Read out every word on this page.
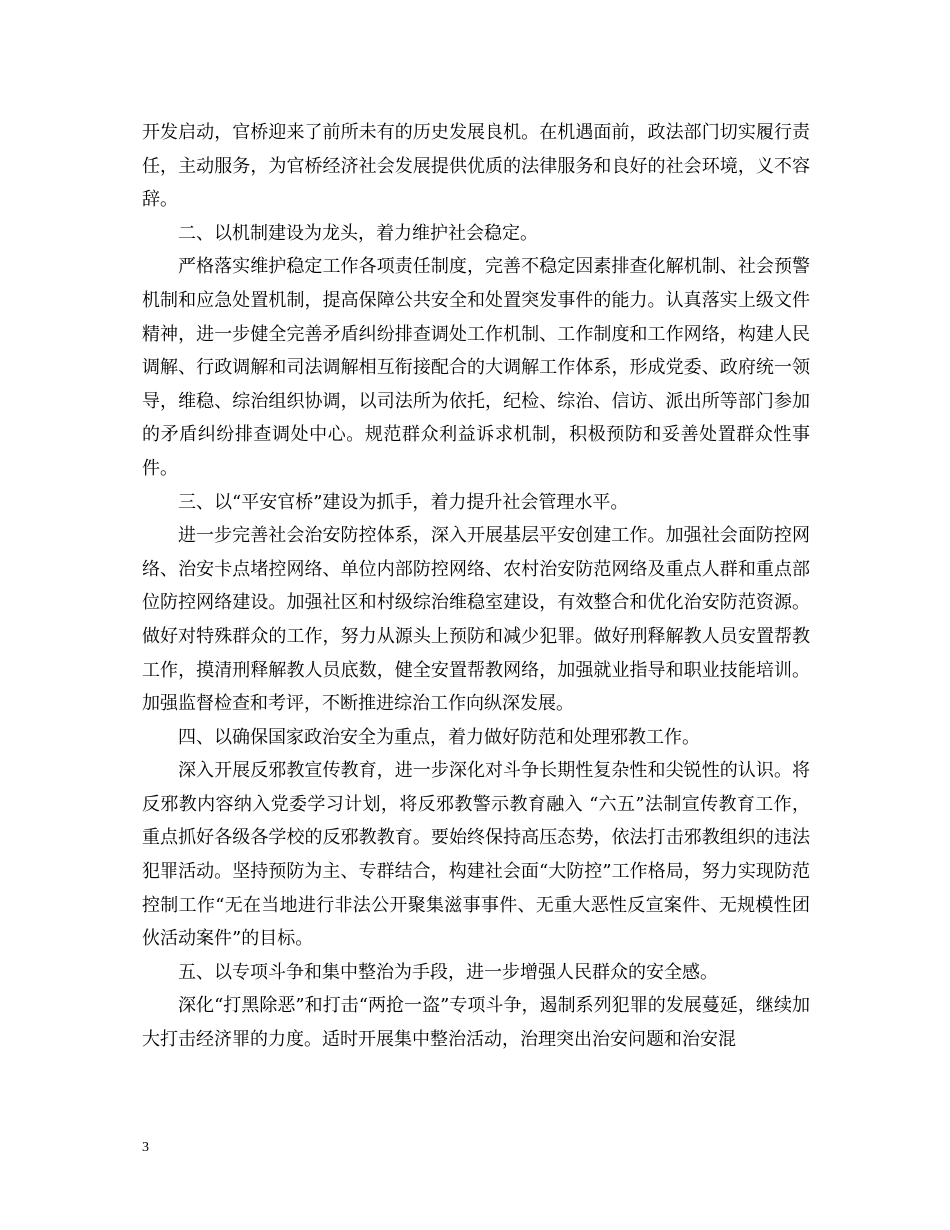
开发启动，官桥迎来了前所未有的历史发展良机。在机遇面前，政法部门切实履行责任，主动服务，为官桥经济社会发展提供优质的法律服务和良好的社会环境，义不容辞。

二、以机制建设为龙头，着力维护社会稳定。

严格落实维护稳定工作各项责任制度，完善不稳定因素排查化解机制、社会预警机制和应急处置机制，提高保障公共安全和处置突发事件的能力。认真落实上级文件精神，进一步健全完善矛盾纠纷排查调处工作机制、工作制度和工作网络，构建人民调解、行政调解和司法调解相互衔接配合的大调解工作体系，形成党委、政府统一领导，维稳、综治组织协调，以司法所为依托，纪检、综治、信访、派出所等部门参加的矛盾纠纷排查调处中心。规范群众利益诉求机制，积极预防和妥善处置群众性事件。

三、以“平安官桥”建设为抓手，着力提升社会管理水平。

进一步完善社会治安防控体系，深入开展基层平安创建工作。加强社会面防控网络、治安卡点堵控网络、单位内部防控网络、农村治安防范网络及重点人群和重点部位防控网络建设。加强社区和村级综治维稳室建设，有效整合和优化治安防范资源。做好对特殊群众的工作，努力从源头上预防和减少犯罪。做好刑释解教人员安置帮教工作，摸清刑释解教人员底数，健全安置帮教网络，加强就业指导和职业技能培训。加强监督检查和考评，不断推进综治工作向纵深发展。

四、以确保国家政治安全为重点，着力做好防范和处理邪教工作。

深入开展反邪教宣传教育，进一步深化对斗争长期性复杂性和尖锐性的认识。将反邪教内容纳入党委学习计划，将反邪教警示教育融入 “六五”法制宣传教育工作，重点抓好各级各学校的反邪教教育。要始终保持高压态势，依法打击邪教组织的违法犯罪活动。坚持预防为主、专群结合，构建社会面“大防控”工作格局，努力实现防范控制工作“无在当地进行非法公开聚集滋事事件、无重大恶性反宣案件、无规模性团伙活动案件”的目标。

五、以专项斗争和集中整治为手段，进一步增强人民群众的安全感。

深化“打黑除恶”和打击“两抢一盗”专项斗争，遏制系列犯罪的发展蔓延，继续加大打击经济罪的力度。适时开展集中整治活动，治理突出治安问题和治安混

3
